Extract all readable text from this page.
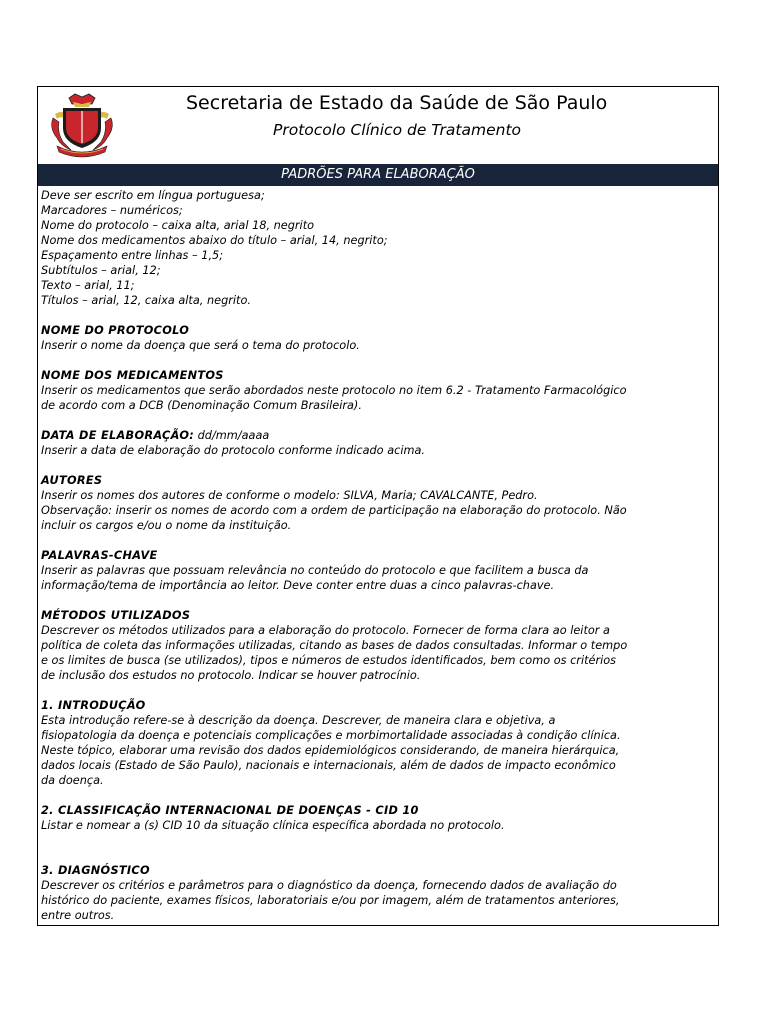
Secretaria de Estado da Saúde de São Paulo
Protocolo Clínico de Tratamento
PADRÕES PARA ELABORAÇÃO

Deve ser escrito em língua portuguesa;

Marcadores – numéricos;

Nome do protocolo – caixa alta, arial 18, negrito

Nome dos medicamentos abaixo do título – arial, 14, negrito;

Espaçamento entre linhas – 1,5;

Subtítulos – arial, 12;

Texto – arial, 11;

Títulos – arial, 12, caixa alta, negrito.

NOME DO PROTOCOLO

Inserir o nome da doença que será o tema do protocolo.

NOME DOS MEDICAMENTOS

Inserir os medicamentos que serão abordados neste protocolo no item 6.2 - Tratamento Farmacológico

de acordo com a DCB (Denominação Comum Brasileira).

DATA DE ELABORAÇÃO: dd/mm/aaaa

Inserir a data de elaboração do protocolo conforme indicado acima.

AUTORES

Inserir os nomes dos autores de conforme o modelo: SILVA, Maria; CAVALCANTE, Pedro.

Observação: inserir os nomes de acordo com a ordem de participação na elaboração do protocolo. Não

incluir os cargos e/ou o nome da instituição.

PALAVRAS-CHAVE

Inserir as palavras que possuam relevância no conteúdo do protocolo e que facilitem a busca da

informação/tema de importância ao leitor. Deve conter entre duas a cinco palavras-chave.

MÉTODOS UTILIZADOS

Descrever os métodos utilizados para a elaboração do protocolo. Fornecer de forma clara ao leitor a

política de coleta das informações utilizadas, citando as bases de dados consultadas. Informar o tempo

e os limites de busca (se utilizados), tipos e números de estudos identificados, bem como os critérios

de inclusão dos estudos no protocolo. Indicar se houver patrocínio.

1. INTRODUÇÃO

Esta introdução refere-se à descrição da doença. Descrever, de maneira clara e objetiva, a

fisiopatologia da doença e potenciais complicações e morbimortalidade associadas à condição clínica.

Neste tópico, elaborar uma revisão dos dados epidemiológicos considerando, de maneira hierárquica,

dados locais (Estado de São Paulo), nacionais e internacionais, além de dados de impacto econômico

da doença.

2. CLASSIFICAÇÃO INTERNACIONAL DE DOENÇAS - CID 10

Listar e nomear a (s) CID 10 da situação clínica específica abordada no protocolo.

3. DIAGNÓSTICO

Descrever os critérios e parâmetros para o diagnóstico da doença, fornecendo dados de avaliação do

histórico do paciente, exames físicos, laboratoriais e/ou por imagem, além de tratamentos anteriores,

entre outros.
